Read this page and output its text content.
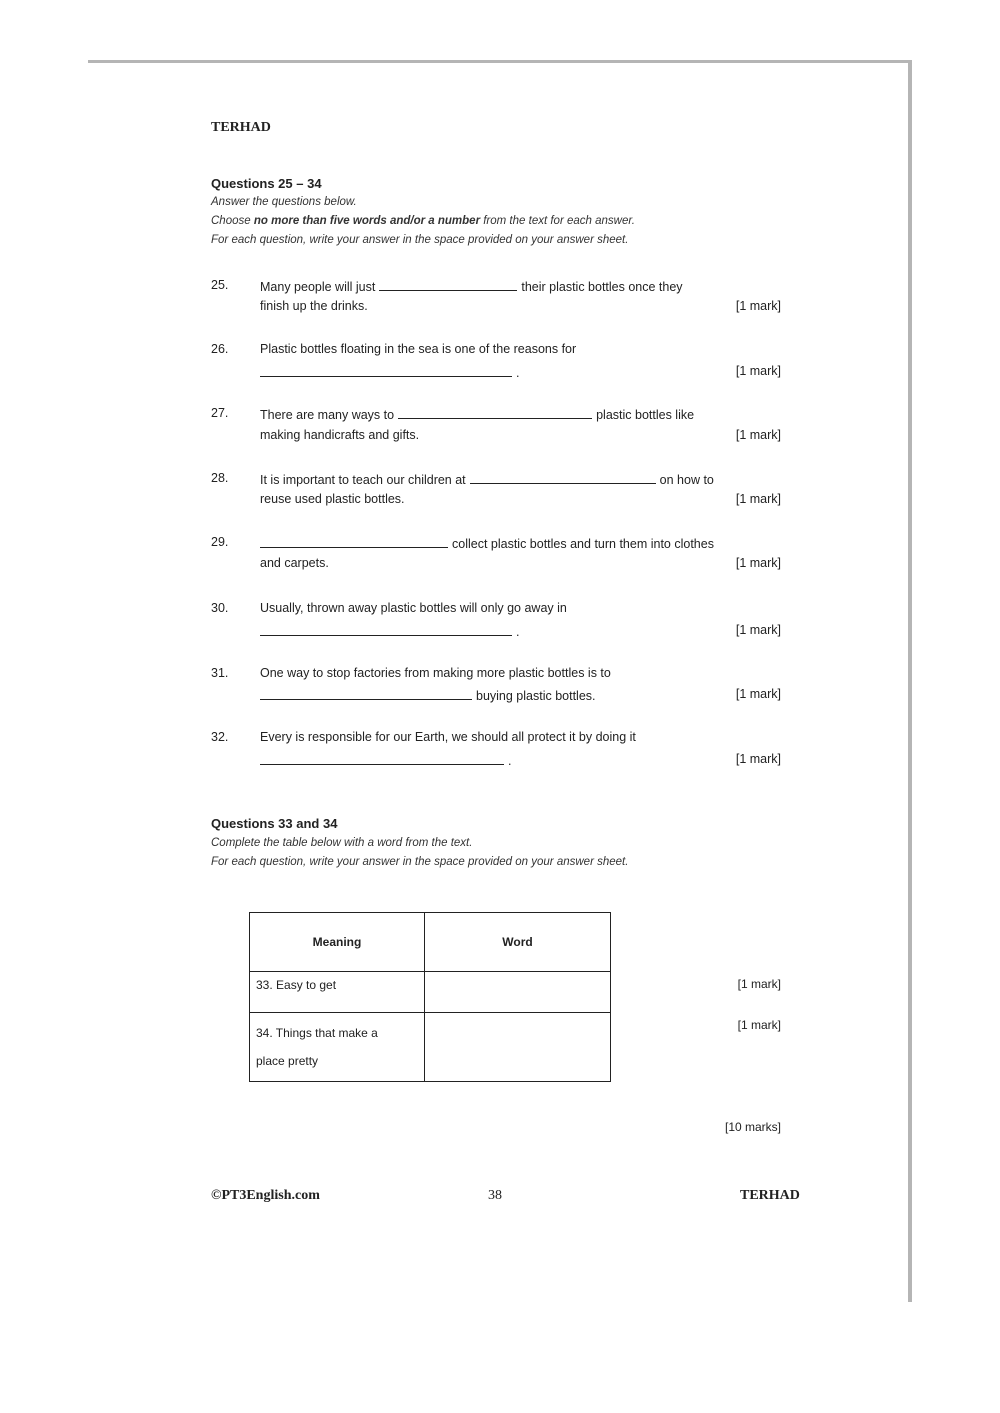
TERHAD
Questions 25 – 34
Answer the questions below.
Choose no more than five words and/or a number from the text for each answer.
For each question, write your answer in the space provided on your answer sheet.
25.	Many people will just	their plastic bottles once they
finish up the drinks.	[1 mark]
26.	Plastic bottles floating in the sea is one of the reasons for
.	[1 mark]
27.	There are many ways to	plastic bottles like
making handicrafts and gifts.	[1 mark]
28.	It is important to teach our children at	on how to
reuse used plastic bottles.	[1 mark]
29.	collect plastic bottles and turn them into clothes
and carpets.	[1 mark]
30.	Usually, thrown away plastic bottles will only go away in
.	[1 mark]
31.	One way to stop factories from making more plastic bottles is to
buying plastic bottles.	[1 mark]
32.	Every is responsible for our Earth, we should all protect it by doing it
.	[1 mark]
Questions 33 and 34
Complete the table below with a word from the text.
For each question, write your answer in the space provided on your answer sheet.
Meaning	Word
33. Easy to get	
34. Things that make a
place pretty	
[1 mark]
[1 mark]
[10 marks]
©PT3English.com	38	TERHAD
